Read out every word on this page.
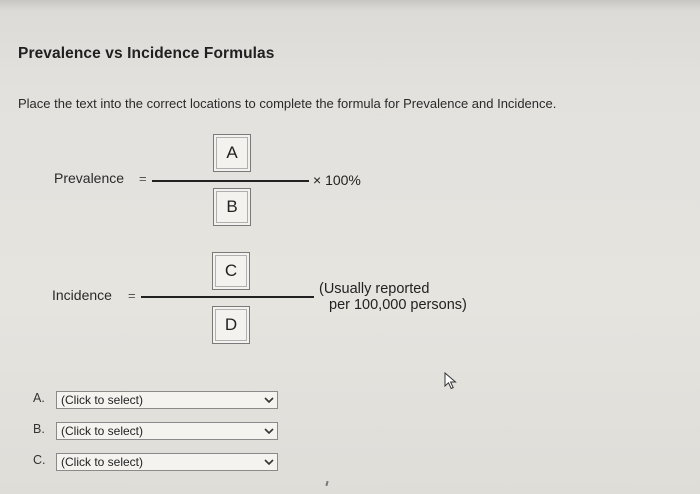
Prevalence vs Incidence Formulas
Place the text into the correct locations to complete the formula for Prevalence and Incidence.
Prevalence =
A
B
× 100%
Incidence =
C
D
(Usually reported
per 100,000 persons)
A.	(Click to select)
B.	(Click to select)
C.	(Click to select)
